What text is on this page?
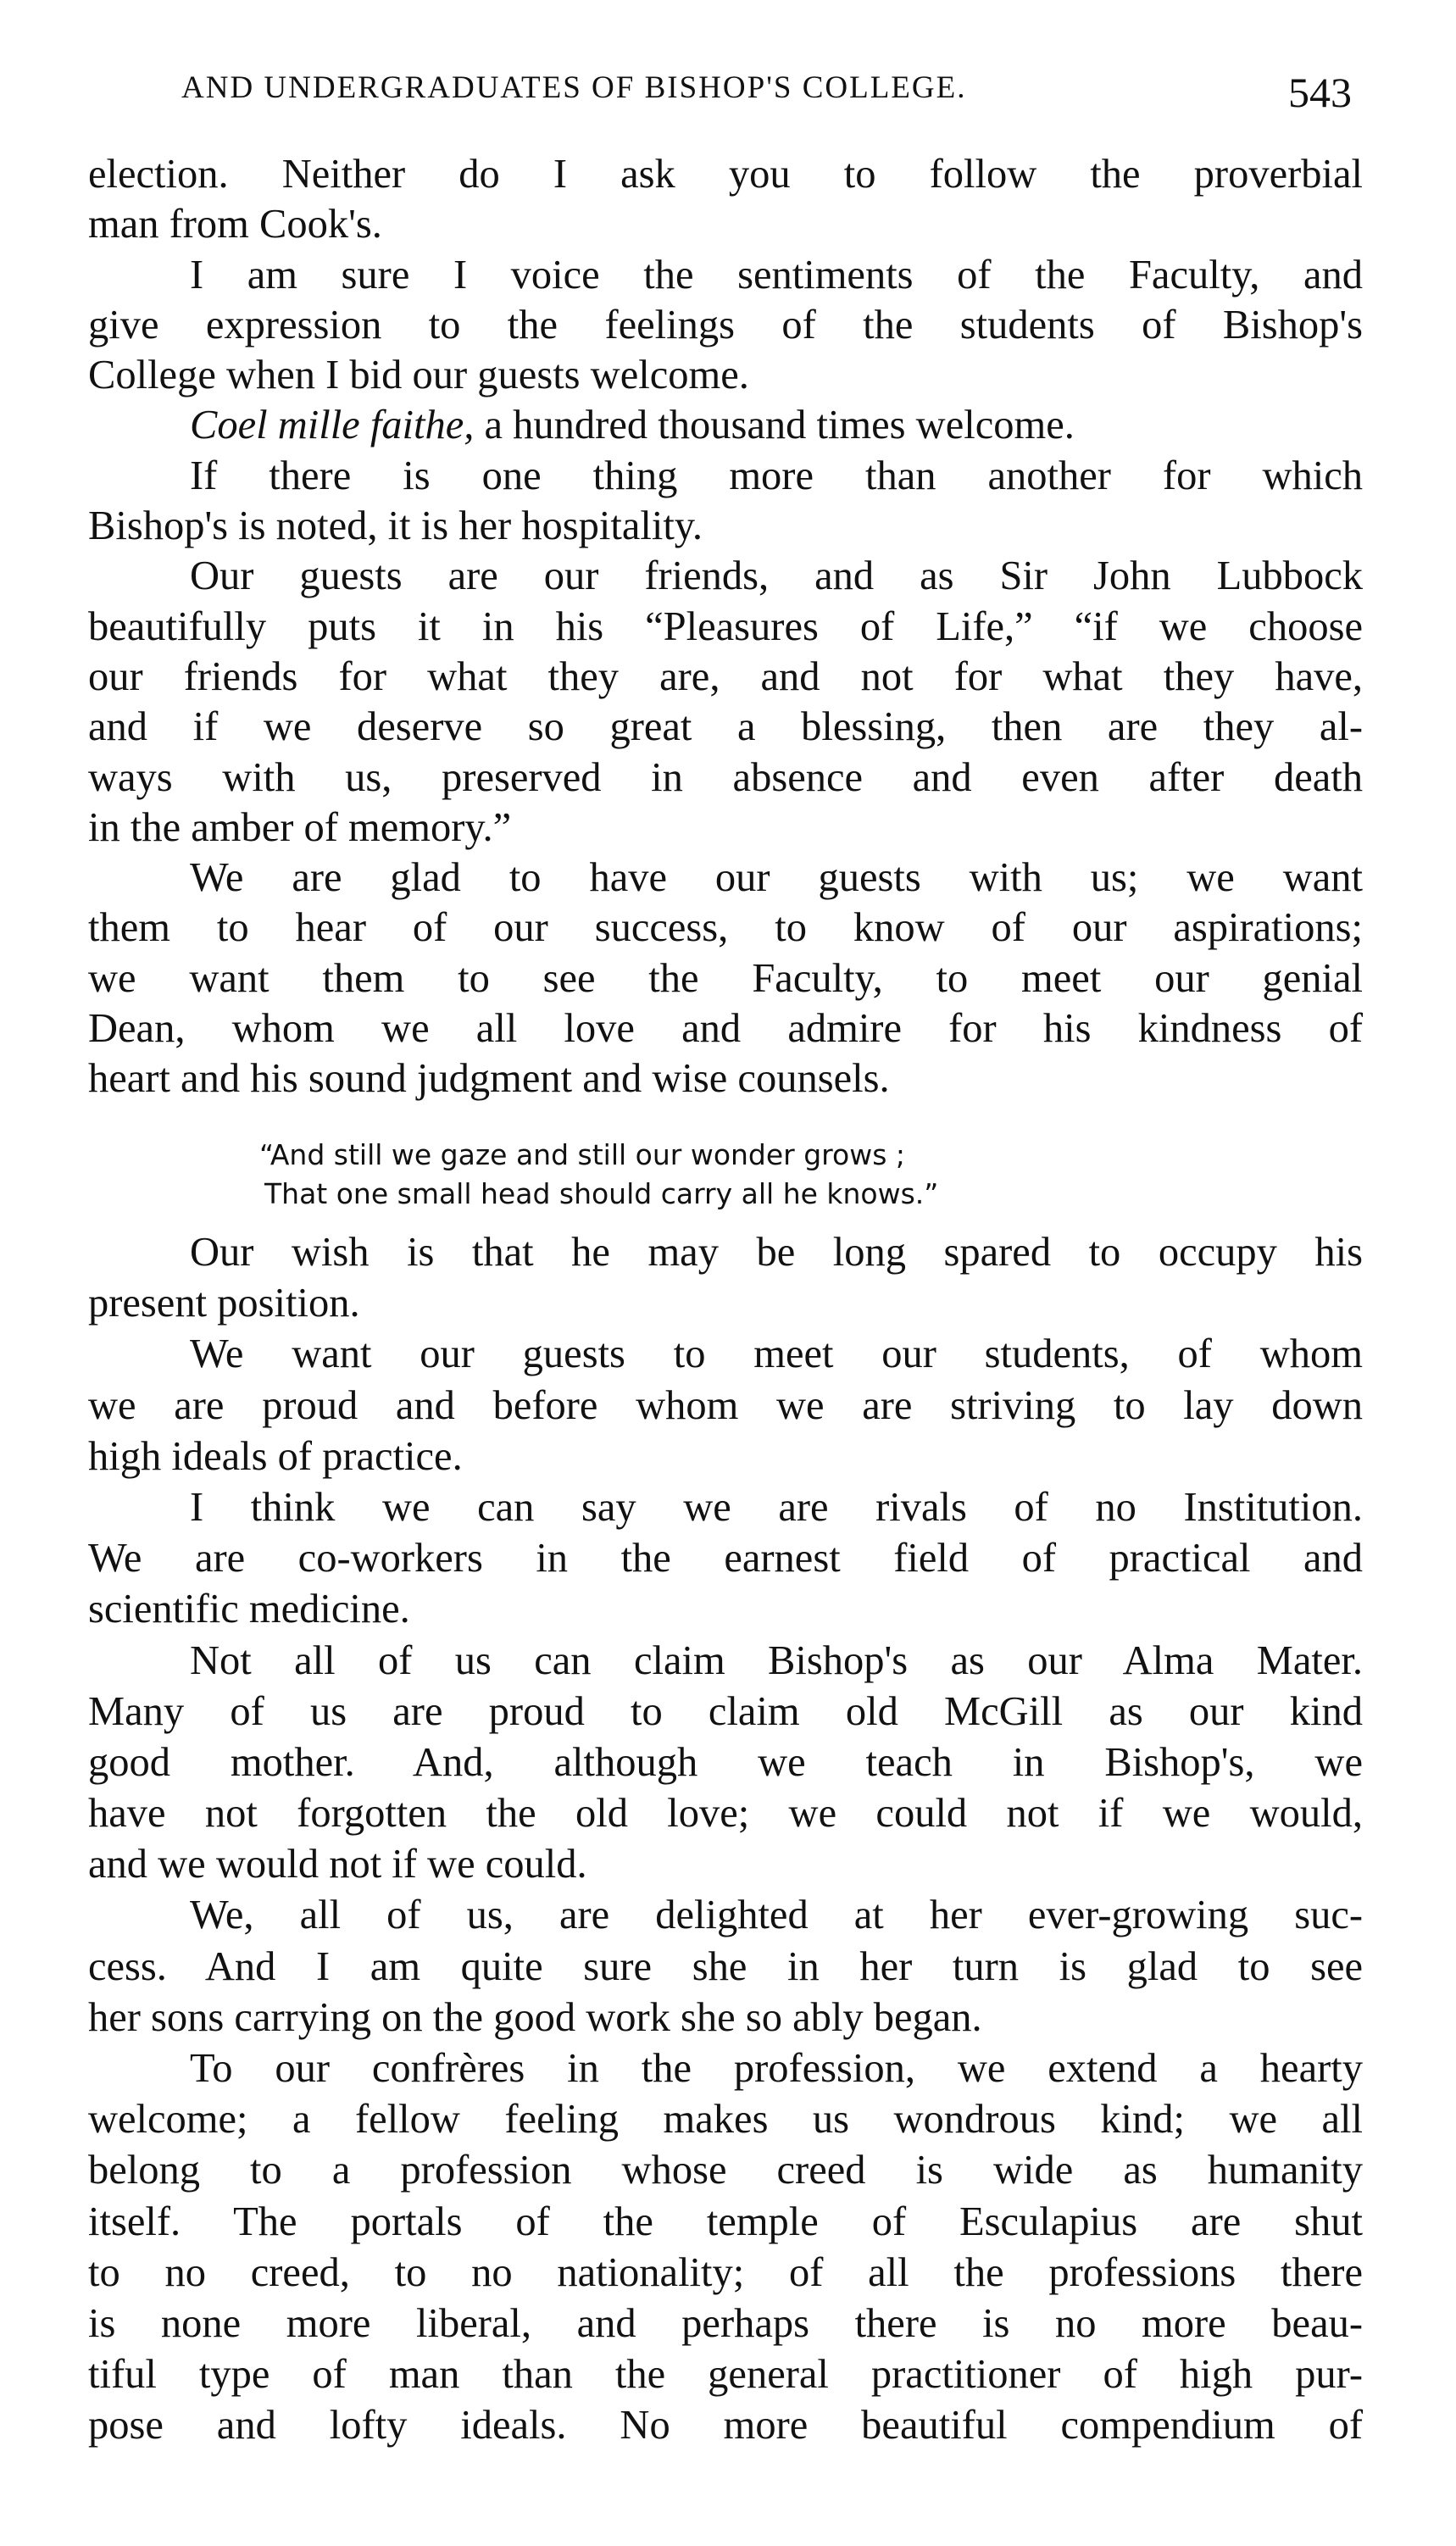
AND UNDERGRADUATES OF BISHOP'S COLLEGE.	543
election. Neither do I ask you to follow the proverbial
man from Cook's.
I am sure I voice the sentiments of the Faculty, and
give expression to the feelings of the students of Bishop's
College when I bid our guests welcome.
Coel mille faithe, a hundred thousand times welcome.
If there is one thing more than another for which
Bishop's is noted, it is her hospitality.
Our guests are our friends, and as Sir John Lubbock
beautifully puts it in his “Pleasures of Life,” “if we choose
our friends for what they are, and not for what they have,
and if we deserve so great a blessing, then are they al-
ways with us, preserved in absence and even after death
in the amber of memory.”
We are glad to have our guests with us; we want
them to hear of our success, to know of our aspirations;
we want them to see the Faculty, to meet our genial
Dean, whom we all love and admire for his kindness of
heart and his sound judgment and wise counsels.
“And still we gaze and still our wonder grows ;
That one small head should carry all he knows.”
Our wish is that he may be long spared to occupy his
present position.
We want our guests to meet our students, of whom
we are proud and before whom we are striving to lay down
high ideals of practice.
I think we can say we are rivals of no Institution.
We are co-workers in the earnest field of practical and
scientific medicine.
Not all of us can claim Bishop's as our Alma Mater.
Many of us are proud to claim old McGill as our kind
good mother. And, although we teach in Bishop's, we
have not forgotten the old love; we could not if we would,
and we would not if we could.
We, all of us, are delighted at her ever-growing suc-
cess. And I am quite sure she in her turn is glad to see
her sons carrying on the good work she so ably began.
To our confrères in the profession, we extend a hearty
welcome; a fellow feeling makes us wondrous kind; we all
belong to a profession whose creed is wide as humanity
itself. The portals of the temple of Esculapius are shut
to no creed, to no nationality; of all the professions there
is none more liberal, and perhaps there is no more beau-
tiful type of man than the general practitioner of high pur-
pose and lofty ideals. No more beautiful compendium of
